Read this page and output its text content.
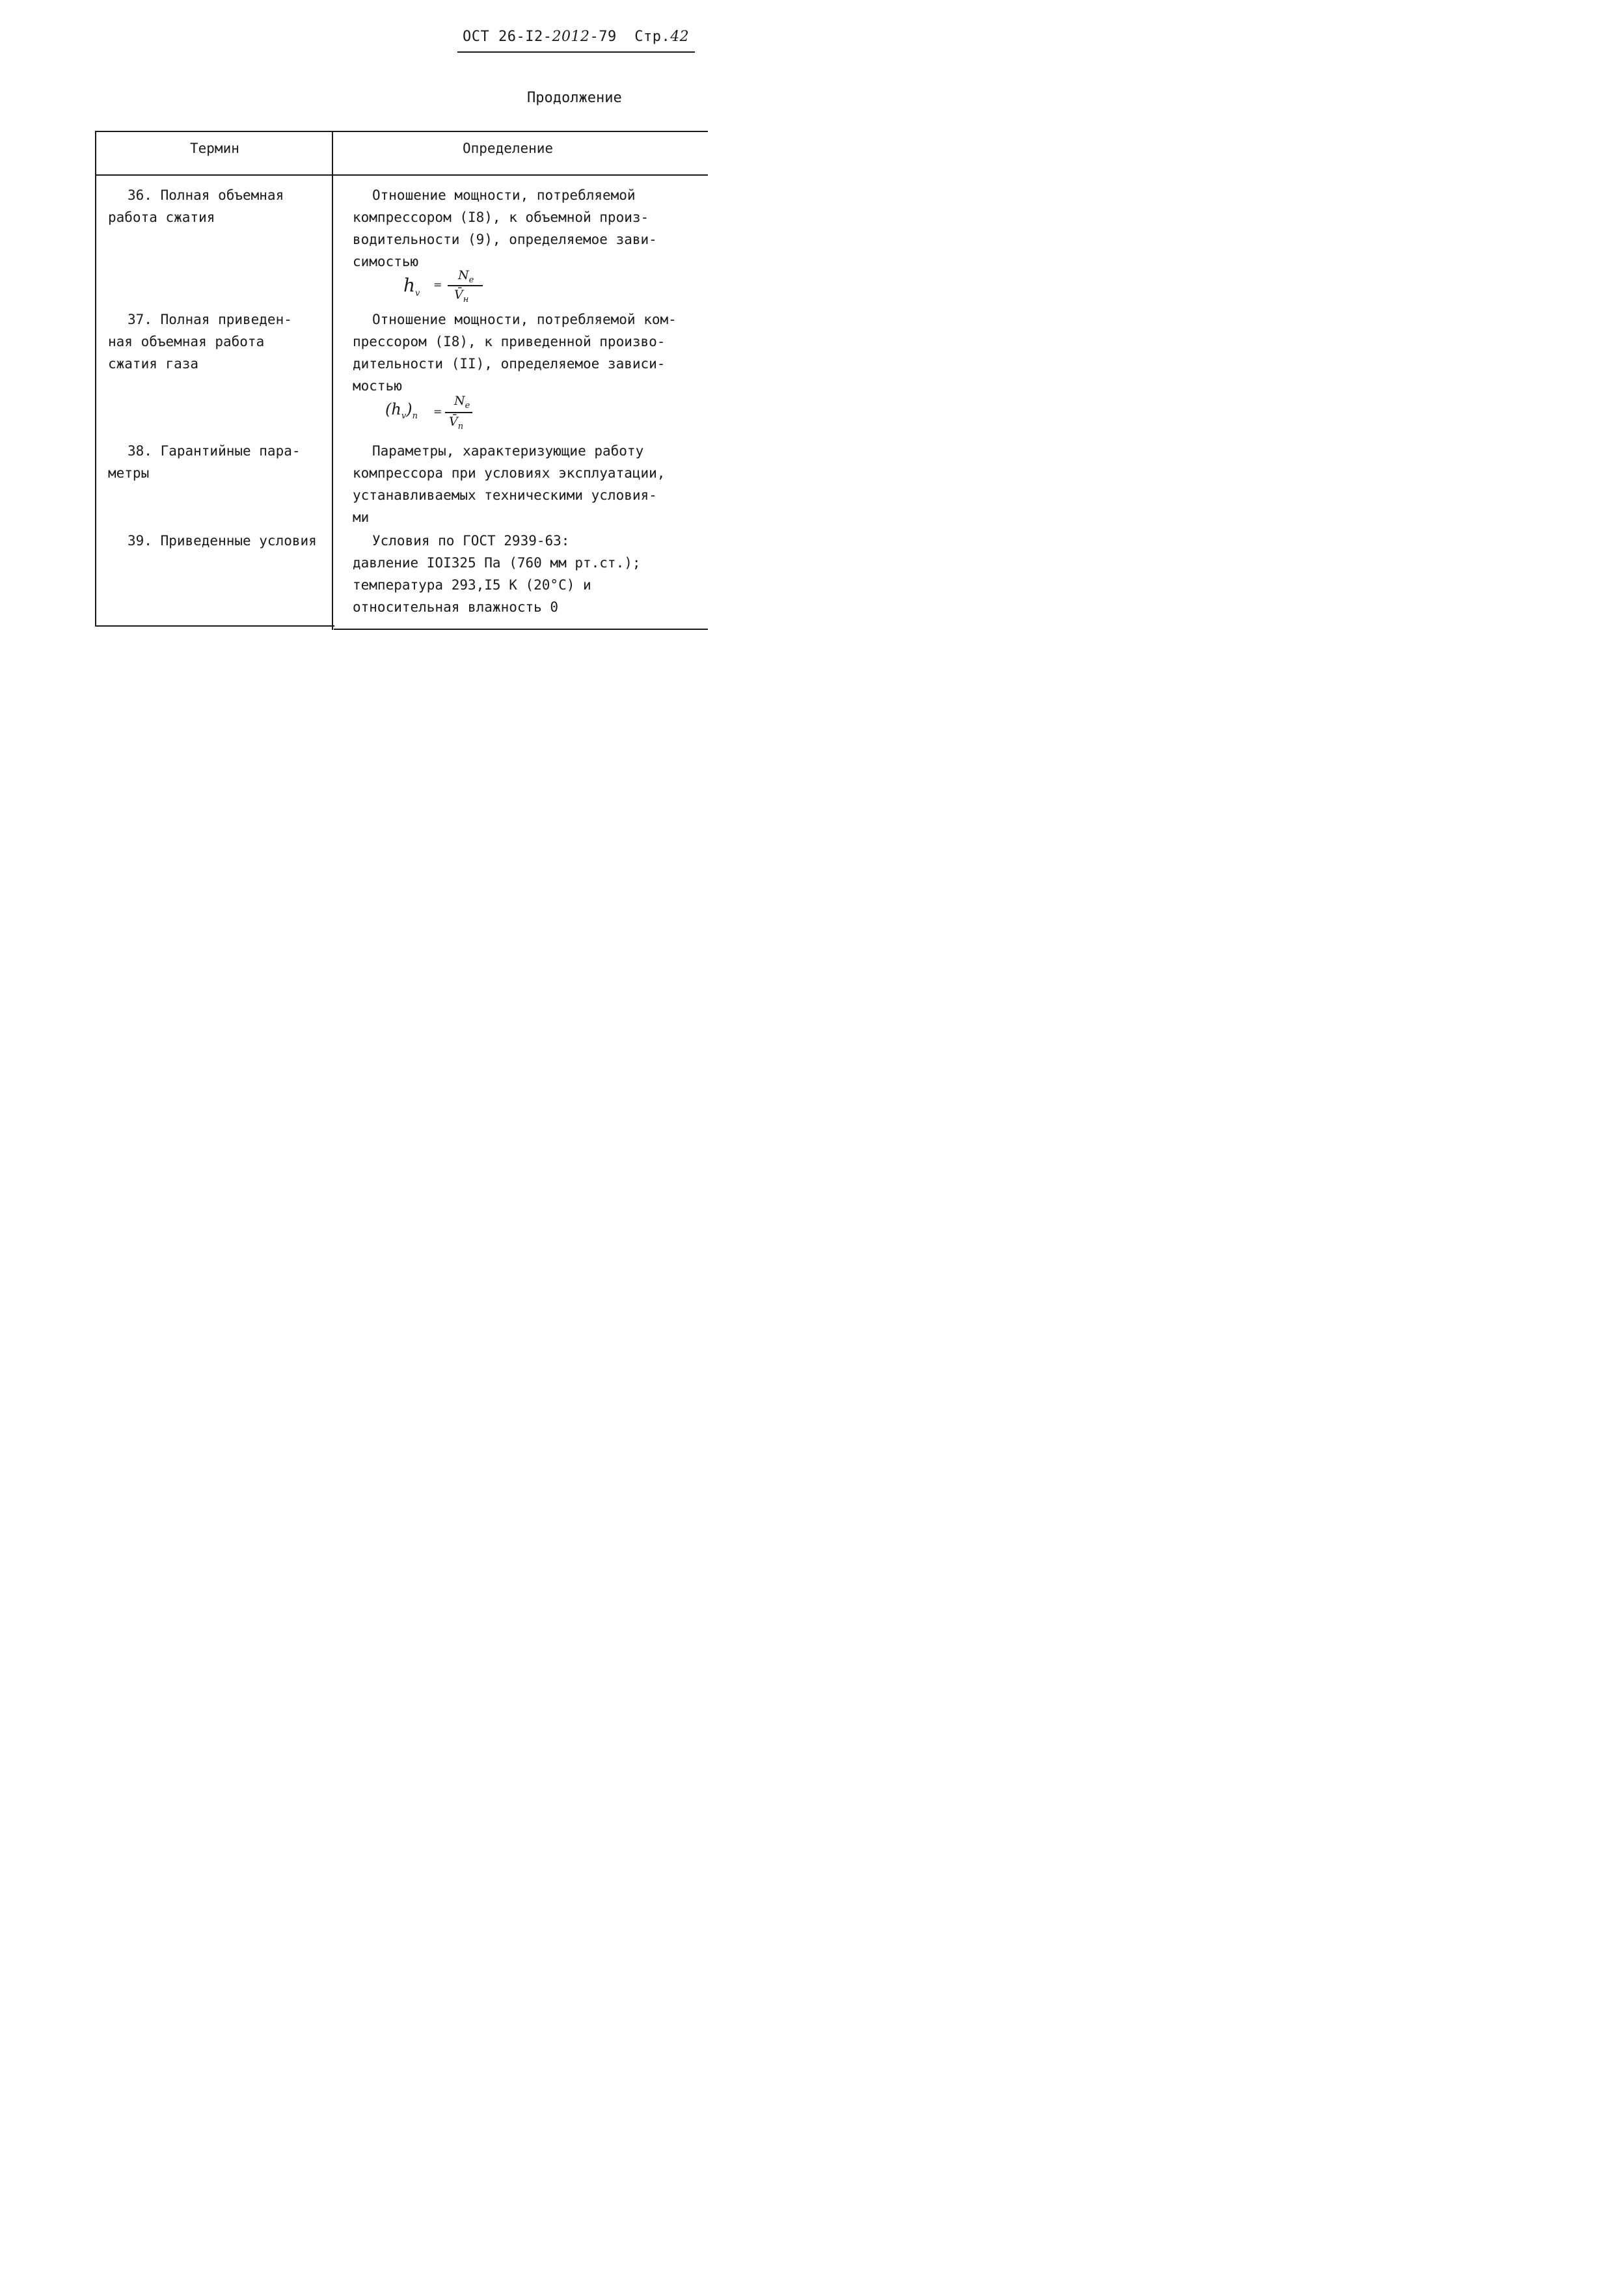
ОСТ 26-I2-2012-79 Стр.42
Продолжение
Термин	Определение
36. Полная объемная
работа сжатия
Отношение мощности, потребляемой
компрессором (I8), к объемной произ-
водительности (9), определяемое зави-
симостью
$h_v$
=
$N_e$
$V̄_н$
37. Полная приведен-
ная объемная работа
сжатия газа
Отношение мощности, потребляемой ком-
прессором (I8), к приведенной произво-
дительности (II), определяемое зависи-
мостью
$(h_v)_п$ =
$N_e$
$V̄_п$
38. Гарантийные пара-
метры
Параметры, характеризующие работу
компрессора при условиях эксплуатации,
устанавливаемых техническими условия-
ми
39. Приведенные условия	Условия по ГОСТ 2939-63:
давление IOI325 Па (760 мм рт.ст.);
температура 293,I5 К (20°С) и
относительная влажность 0
